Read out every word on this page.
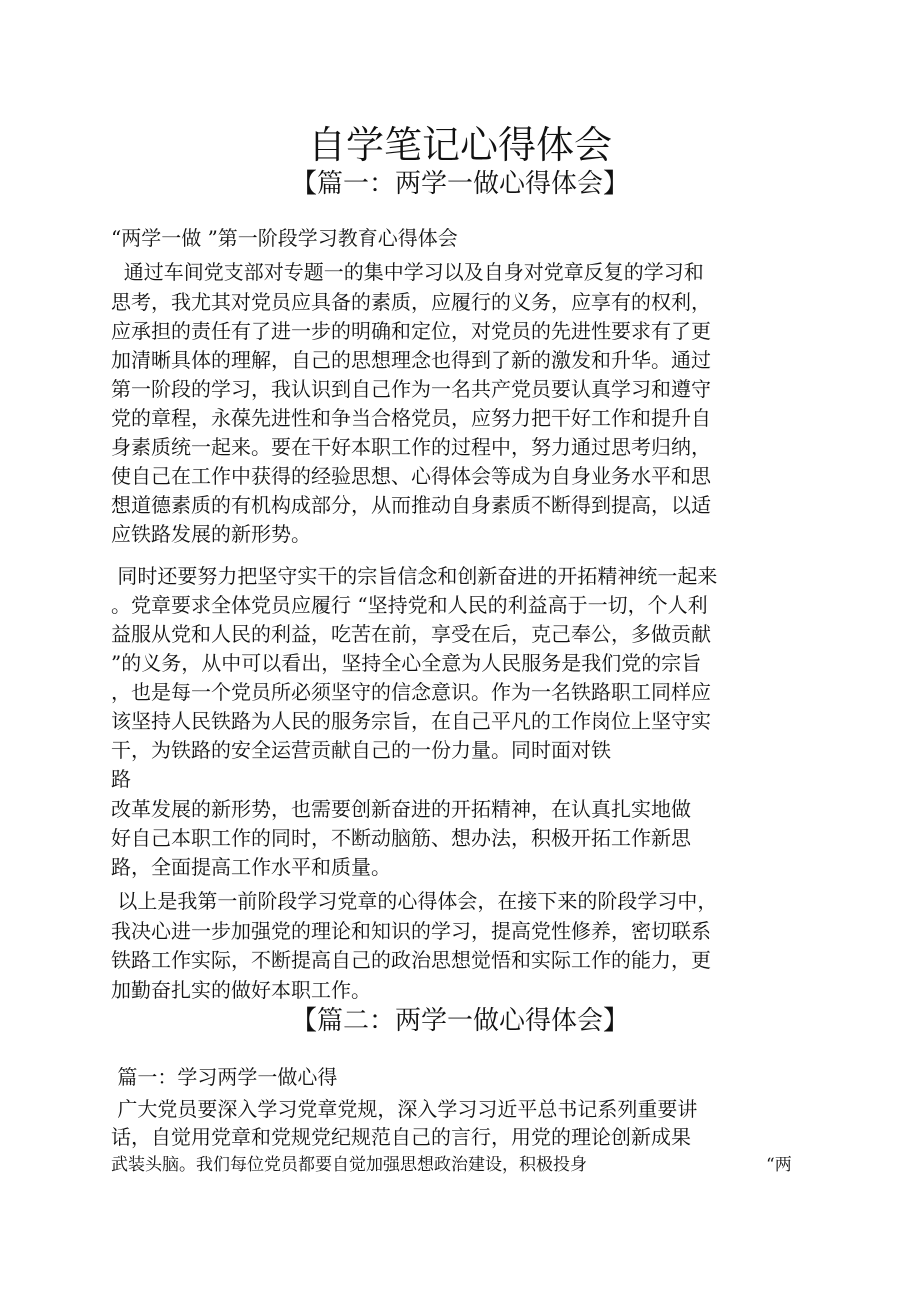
自学笔记心得体会
【篇一：两学一做心得体会】
“两学一做 ”第一阶段学习教育心得体会
通过车间党支部对专题一的集中学习以及自身对党章反复的学习和
思考，我尤其对党员应具备的素质，应履行的义务，应享有的权利，
应承担的责任有了进一步的明确和定位，对党员的先进性要求有了更
加清晰具体的理解，自己的思想理念也得到了新的激发和升华。通过
第一阶段的学习，我认识到自己作为一名共产党员要认真学习和遵守
党的章程，永葆先进性和争当合格党员，应努力把干好工作和提升自
身素质统一起来。要在干好本职工作的过程中，努力通过思考归纳，
使自己在工作中获得的经验思想、心得体会等成为自身业务水平和思
想道德素质的有机构成部分，从而推动自身素质不断得到提高，以适
应铁路发展的新形势。
同时还要努力把坚守实干的宗旨信念和创新奋进的开拓精神统一起来
。党章要求全体党员应履行 “坚持党和人民的利益高于一切，个人利
益服从党和人民的利益，吃苦在前，享受在后，克己奉公，多做贡献
”的义务，从中可以看出，坚持全心全意为人民服务是我们党的宗旨
，也是每一个党员所必须坚守的信念意识。作为一名铁路职工同样应
该坚持人民铁路为人民的服务宗旨，在自己平凡的工作岗位上坚守实
干，为铁路的安全运营贡献自己的一份力量。同时面对铁
路
改革发展的新形势，也需要创新奋进的开拓精神，在认真扎实地做
好自己本职工作的同时，不断动脑筋、想办法，积极开拓工作新思
路，全面提高工作水平和质量。
以上是我第一前阶段学习党章的心得体会，在接下来的阶段学习中，
我决心进一步加强党的理论和知识的学习，提高党性修养，密切联系
铁路工作实际，不断提高自己的政治思想觉悟和实际工作的能力，更
加勤奋扎实的做好本职工作。
【篇二：两学一做心得体会】
篇一：学习两学一做心得
广大党员要深入学习党章党规，深入学习习近平总书记系列重要讲
话，自觉用党章和党规党纪规范自己的言行，用党的理论创新成果
武装头脑。我们每位党员都要自觉加强思想政治建设，积极投身	“两
